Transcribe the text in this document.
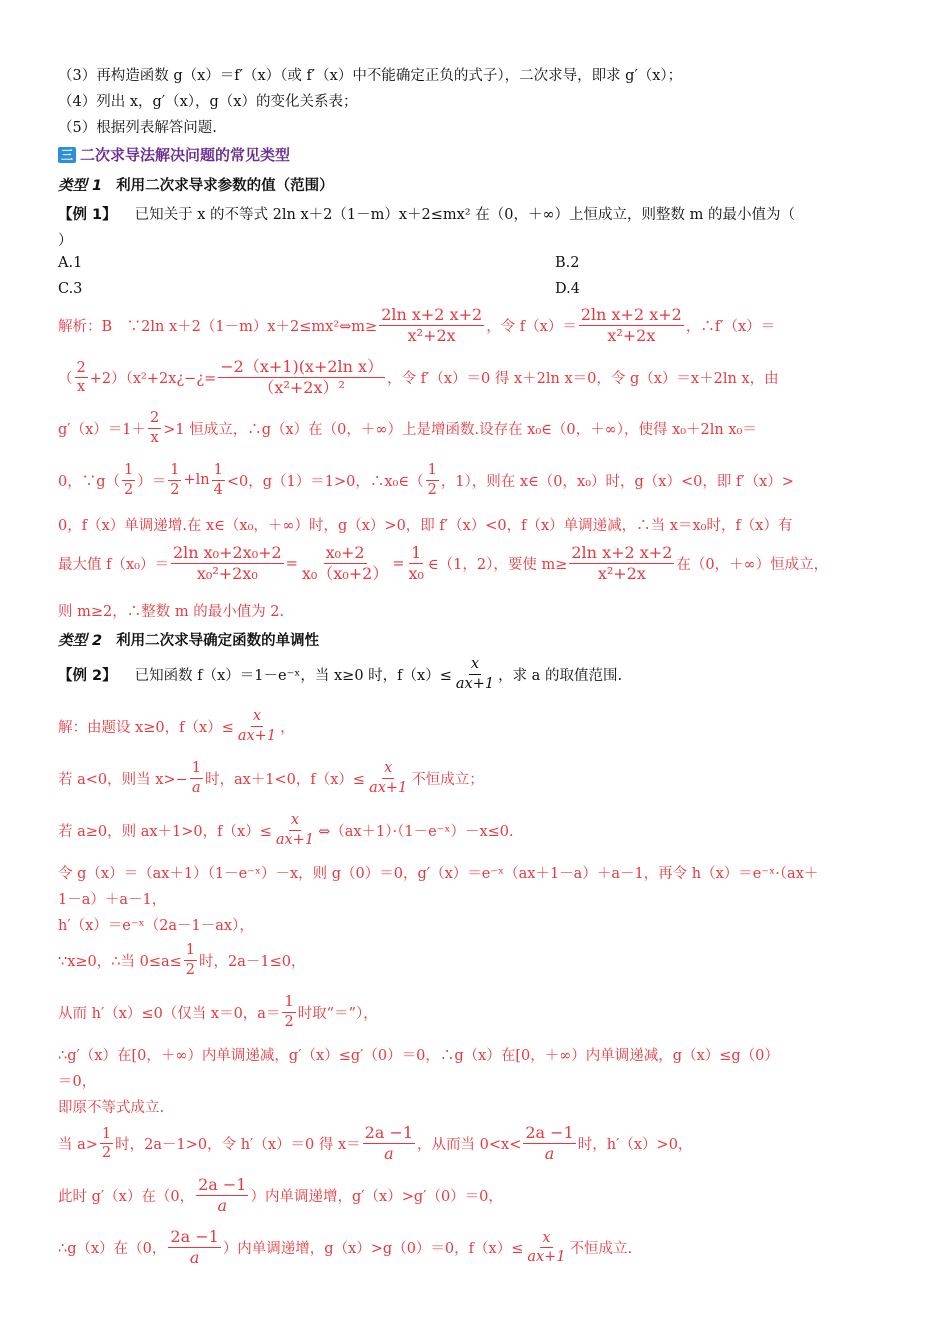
（3）再构造函数 g（x）＝f′（x）（或 f′（x）中不能确定正负的式子），二次求导，即求 g′（x）；
（4）列出 x，g′（x），g（x）的变化关系表；
（5）根据列表解答问题.
三 二次求导法解决问题的常见类型
类型 1 利用二次求导求参数的值（范围）
【例 1】 已知关于 x 的不等式 2ln x＋2（1－m）x＋2≤mx² 在（0，＋∞）上恒成立，则整数 m 的最小值为（
）
A.1	B.2
C.3	D.4
解析：B　∵2ln x＋2（1－m）x＋2≤mx²⇔m≥ $\frac{\text{2ln x+2 x+2}}{\text{x²+2x}}$ ，令 $f(x)= \frac{\text{2ln x+2 x+2}}{\text{x²+2x}}$ ，∴f′（x）＝
（ $\frac{2}{x}$ +2）（x²+2x¿−¿= $\frac{\text{−2（x+1)(x+2ln x）}}{\text{（x²+2x）²}}$ ，令 f′（x）＝0 得 x＋2ln x＝0，令 g（x）＝x＋2ln x，由
$g'(x)=1+ \frac{2}{x} >1$ 恒成立，∴g（x）在（0，＋∞）上是增函数.设存在 x₀∈（0，＋∞），使得 x₀＋2ln x₀＝
0，∵g（ $\frac{1}{2}$ ）＝ $\frac{1}{2} +\ln \frac{1}{4} <0$，g（1）＝1>0，∴x₀∈（ $\frac{1}{2}$ ，1），则在 x∈（0，x₀）时，g（x）<0，即 f′（x）>
0，f（x）单调递增.在 x∈（x₀，＋∞）时，g（x）>0，即 f′（x）<0，f（x）单调递减，∴当 x＝x₀时，f（x）有
最大值 $f(x_0)= \frac{\text{2ln x₀+2x₀+2}}{\text{x₀²+2x₀}} = \frac{\text{x₀+2}}{\text{x₀（x₀+2）}} = \frac{1}{\text{x₀}}$ ∈（1，2），要使 $m\ge \frac{\text{2ln x+2 x+2}}{\text{x²+2x}}$ 在（0，＋∞）恒成立，
则 m≥2，∴整数 m 的最小值为 2.
类型 2 利用二次求导确定函数的单调性
【例 2】 已知函数 f（x）＝1－e⁻ˣ，当 x≥0 时，$f(x)\le \frac{x}{ax+1}$ ，求 a 的取值范围.
解：由题设 x≥0，$f(x)\le \frac{x}{ax+1}$ ，
若 a<0，则当 $x>- \frac{1}{a}$ 时，ax＋1<0，$f(x)\le \frac{x}{ax+1}$ 不恒成立；
若 a≥0，则 ax＋1>0，$f(x)\le \frac{x}{ax+1}$ ⇔（ax＋1）·（1－e⁻ˣ）－x≤0.
令 g（x）＝（ax＋1）（1－e⁻ˣ）－x，则 g（0）＝0，g′（x）＝e⁻ˣ（ax＋1－a）＋a－1，再令 h（x）＝e⁻ˣ·（ax＋
1－a）＋a－1，
h′（x）＝e⁻ˣ（2a－1－ax），
∵x≥0，∴当 $0\le a\le \frac{1}{2}$ 时，2a－1≤0，
从而 h′（x）≤0（仅当 x＝0，$a= \frac{1}{2}$ 时取“＝”），
∴g′（x）在[0，＋∞）内单调递减，g′（x）≤g′（0）＝0，∴g（x）在[0，＋∞）内单调递减，g（x）≤g（0）
＝0，
即原不等式成立.
当 $a> \frac{1}{2}$ 时，2a－1>0，令 h′（x）＝0 得 $x= \frac{2a -1}{a}$ ，从而当 $0<x< \frac{2a -1}{a}$ 时，h′（x）>0，
此时 g′（x）在（0， $\frac{2a -1}{a}$ ）内单调递增，g′（x）>g′（0）＝0，
∴g（x）在（0， $\frac{2a -1}{a}$ ）内单调递增，g（x）>g（0）＝0，$f(x)\le \frac{x}{ax+1}$ 不恒成立.
